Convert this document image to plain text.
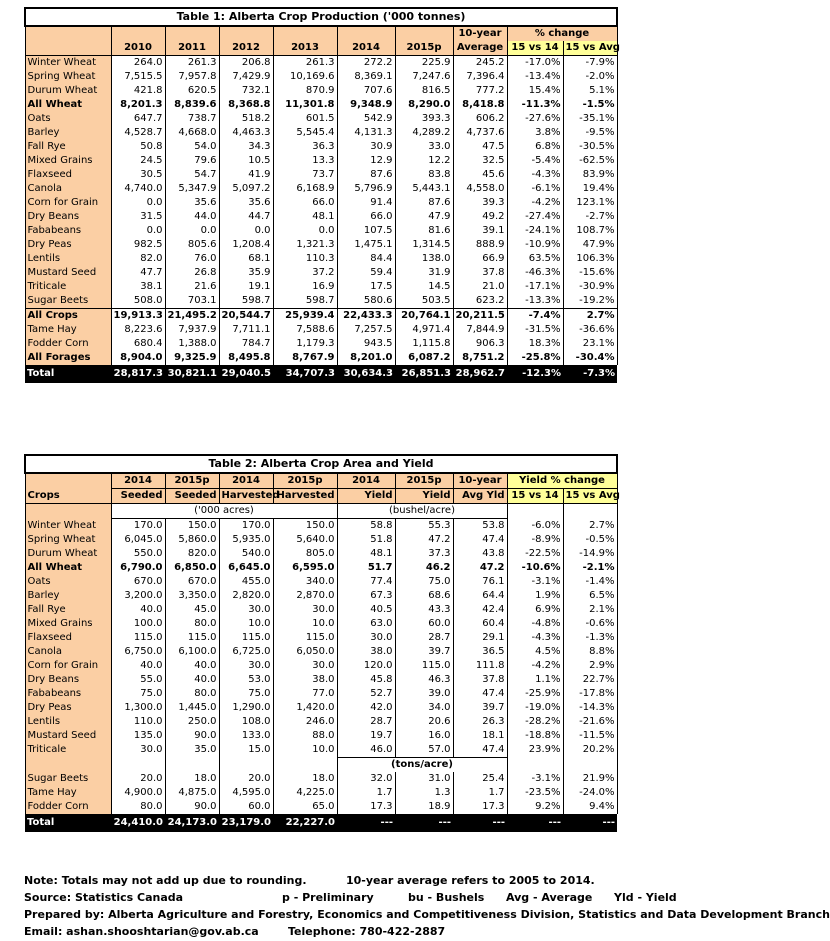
Table 1: Alberta Crop Production ('000 tonnes)									
							10-year	% change	
	2010	2011	2012	2013	2014	2015p	Average	15 vs 14	15 vs Avg
Winter Wheat	264.0	261.3	206.8	261.3	272.2	225.9	245.2	-17.0%	-7.9%
Spring Wheat	7,515.5	7,957.8	7,429.9	10,169.6	8,369.1	7,247.6	7,396.4	-13.4%	-2.0%
Durum Wheat	421.8	620.5	732.1	870.9	707.6	816.5	777.2	15.4%	5.1%
All Wheat	8,201.3	8,839.6	8,368.8	11,301.8	9,348.9	8,290.0	8,418.8	-11.3%	-1.5%
Oats	647.7	738.7	518.2	601.5	542.9	393.3	606.2	-27.6%	-35.1%
Barley	4,528.7	4,668.0	4,463.3	5,545.4	4,131.3	4,289.2	4,737.6	3.8%	-9.5%
Fall Rye	50.8	54.0	34.3	36.3	30.9	33.0	47.5	6.8%	-30.5%
Mixed Grains	24.5	79.6	10.5	13.3	12.9	12.2	32.5	-5.4%	-62.5%
Flaxseed	30.5	54.7	41.9	73.7	87.6	83.8	45.6	-4.3%	83.9%
Canola	4,740.0	5,347.9	5,097.2	6,168.9	5,796.9	5,443.1	4,558.0	-6.1%	19.4%
Corn for Grain	0.0	35.6	35.6	66.0	91.4	87.6	39.3	-4.2%	123.1%
Dry Beans	31.5	44.0	44.7	48.1	66.0	47.9	49.2	-27.4%	-2.7%
Fababeans	0.0	0.0	0.0	0.0	107.5	81.6	39.1	-24.1%	108.7%
Dry Peas	982.5	805.6	1,208.4	1,321.3	1,475.1	1,314.5	888.9	-10.9%	47.9%
Lentils	82.0	76.0	68.1	110.3	84.4	138.0	66.9	63.5%	106.3%
Mustard Seed	47.7	26.8	35.9	37.2	59.4	31.9	37.8	-46.3%	-15.6%
Triticale	38.1	21.6	19.1	16.9	17.5	14.5	21.0	-17.1%	-30.9%
Sugar Beets	508.0	703.1	598.7	598.7	580.6	503.5	623.2	-13.3%	-19.2%
All Crops	19,913.3	21,495.2	20,544.7	25,939.4	22,433.3	20,764.1	20,211.5	-7.4%	2.7%
Tame Hay	8,223.6	7,937.9	7,711.1	7,588.6	7,257.5	4,971.4	7,844.9	-31.5%	-36.6%
Fodder Corn	680.4	1,388.0	784.7	1,179.3	943.5	1,115.8	906.3	18.3%	23.1%
All Forages	8,904.0	9,325.9	8,495.8	8,767.9	8,201.0	6,087.2	8,751.2	-25.8%	-30.4%
Total	28,817.3	30,821.1	29,040.5	34,707.3	30,634.3	26,851.3	28,962.7	-12.3%	-7.3%
Table 2: Alberta Crop Area and Yield									
	2014	2015p	2014	2015p	2014	2015p	10-year	Yield % change	
Crops	Seeded	Seeded	Harvested	Harvested	Yield	Yield	Avg Yld	15 vs 14	15 vs Avg
	('000 acres)				(bushel/acre)				
Winter Wheat	170.0	150.0	170.0	150.0	58.8	55.3	53.8	-6.0%	2.7%
Spring Wheat	6,045.0	5,860.0	5,935.0	5,640.0	51.8	47.2	47.4	-8.9%	-0.5%
Durum Wheat	550.0	820.0	540.0	805.0	48.1	37.3	43.8	-22.5%	-14.9%
All Wheat	6,790.0	6,850.0	6,645.0	6,595.0	51.7	46.2	47.2	-10.6%	-2.1%
Oats	670.0	670.0	455.0	340.0	77.4	75.0	76.1	-3.1%	-1.4%
Barley	3,200.0	3,350.0	2,820.0	2,870.0	67.3	68.6	64.4	1.9%	6.5%
Fall Rye	40.0	45.0	30.0	30.0	40.5	43.3	42.4	6.9%	2.1%
Mixed Grains	100.0	80.0	10.0	10.0	63.0	60.0	60.4	-4.8%	-0.6%
Flaxseed	115.0	115.0	115.0	115.0	30.0	28.7	29.1	-4.3%	-1.3%
Canola	6,750.0	6,100.0	6,725.0	6,050.0	38.0	39.7	36.5	4.5%	8.8%
Corn for Grain	40.0	40.0	30.0	30.0	120.0	115.0	111.8	-4.2%	2.9%
Dry Beans	55.0	40.0	53.0	38.0	45.8	46.3	37.8	1.1%	22.7%
Fababeans	75.0	80.0	75.0	77.0	52.7	39.0	47.4	-25.9%	-17.8%
Dry Peas	1,300.0	1,445.0	1,290.0	1,420.0	42.0	34.0	39.7	-19.0%	-14.3%
Lentils	110.0	250.0	108.0	246.0	28.7	20.6	26.3	-28.2%	-21.6%
Mustard Seed	135.0	90.0	133.0	88.0	19.7	16.0	18.1	-18.8%	-11.5%
Triticale	30.0	35.0	15.0	10.0	46.0	57.0	47.4	23.9%	20.2%
					(tons/acre)				
Sugar Beets	20.0	18.0	20.0	18.0	32.0	31.0	25.4	-3.1%	21.9%
Tame Hay	4,900.0	4,875.0	4,595.0	4,225.0	1.7	1.3	1.7	-23.5%	-24.0%
Fodder Corn	80.0	90.0	60.0	65.0	17.3	18.9	17.3	9.2%	9.4%
Total	24,410.0	24,173.0	23,179.0	22,227.0	---	---	---	---	---
Note: Totals may not add up due to rounding.	10-year average refers to 2005 to 2014.
Source: Statistics Canada	p - Preliminary	bu - Bushels Avg - Average Yld - Yield
Prepared by: Alberta Agriculture and Forestry, Economics and Competitiveness Division, Statistics and Data Development Branch
Email: ashan.shooshtarian@gov.ab.ca	Telephone: 780-422-2887
